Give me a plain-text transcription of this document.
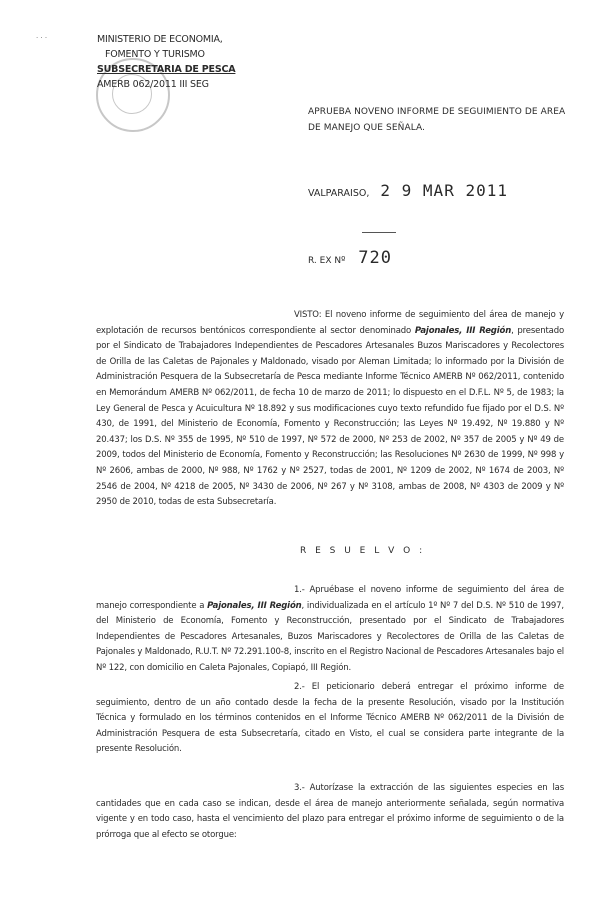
· · ·	MINISTERIO DE ECONOMIA,
FOMENTO Y TURISMO
SUBSECRETARIA DE PESCA
AMERB 062/2011 III SEG
APRUEBA NOVENO INFORME DE SEGUIMIENTO DE AREA DE MANEJO QUE SEÑALA.
VALPARAISO, 2 9 MAR 2011
R. EX Nº 720
VISTO: El noveno informe de seguimiento del área de manejo y explotación de recursos bentónicos correspondiente al sector denominado Pajonales, III Región, presentado por el Sindicato de Trabajadores Independientes de Pescadores Artesanales Buzos Mariscadores y Recolectores de Orilla de las Caletas de Pajonales y Maldonado, visado por Aleman Limitada; lo informado por la División de Administración Pesquera de la Subsecretaría de Pesca mediante Informe Técnico AMERB Nº 062/2011, contenido en Memorándum AMERB Nº 062/2011, de fecha 10 de marzo de 2011; lo dispuesto en el D.F.L. Nº 5, de 1983; la Ley General de Pesca y Acuicultura Nº 18.892 y sus modificaciones cuyo texto refundido fue fijado por el D.S. Nº 430, de 1991, del Ministerio de Economía, Fomento y Reconstrucción; las Leyes Nº 19.492, Nº 19.880 y Nº 20.437; los D.S. Nº 355 de 1995, Nº 510 de 1997, Nº 572 de 2000, Nº 253 de 2002, Nº 357 de 2005 y Nº 49 de 2009, todos del Ministerio de Economía, Fomento y Reconstrucción; las Resoluciones Nº 2630 de 1999, Nº 998 y Nº 2606, ambas de 2000, Nº 988, Nº 1762 y Nº 2527, todas de 2001, Nº 1209 de 2002, Nº 1674 de 2003, Nº 2546 de 2004, Nº 4218 de 2005, Nº 3430 de 2006, Nº 267 y Nº 3108, ambas de 2008, Nº 4303 de 2009 y Nº 2950 de 2010, todas de esta Subsecretaría.
R E S U E L V O :
1.- Apruébase el noveno informe de seguimiento del área de manejo correspondiente a Pajonales, III Región, individualizada en el artículo 1º Nº 7 del D.S. Nº 510 de 1997, del Ministerio de Economía, Fomento y Reconstrucción, presentado por el Sindicato de Trabajadores Independientes de Pescadores Artesanales, Buzos Mariscadores y Recolectores de Orilla de las Caletas de Pajonales y Maldonado, R.U.T. Nº 72.291.100-8, inscrito en el Registro Nacional de Pescadores Artesanales bajo el Nº 122, con domicilio en Caleta Pajonales, Copiapó, III Región.
2.- El peticionario deberá entregar el próximo informe de seguimiento, dentro de un año contado desde la fecha de la presente Resolución, visado por la Institución Técnica y formulado en los términos contenidos en el Informe Técnico AMERB Nº 062/2011 de la División de Administración Pesquera de esta Subsecretaría, citado en Visto, el cual se considera parte integrante de la presente Resolución.
3.- Autorízase la extracción de las siguientes especies en las cantidades que en cada caso se indican, desde el área de manejo anteriormente señalada, según normativa vigente y en todo caso, hasta el vencimiento del plazo para entregar el próximo informe de seguimiento o de la prórroga que al efecto se otorgue:
